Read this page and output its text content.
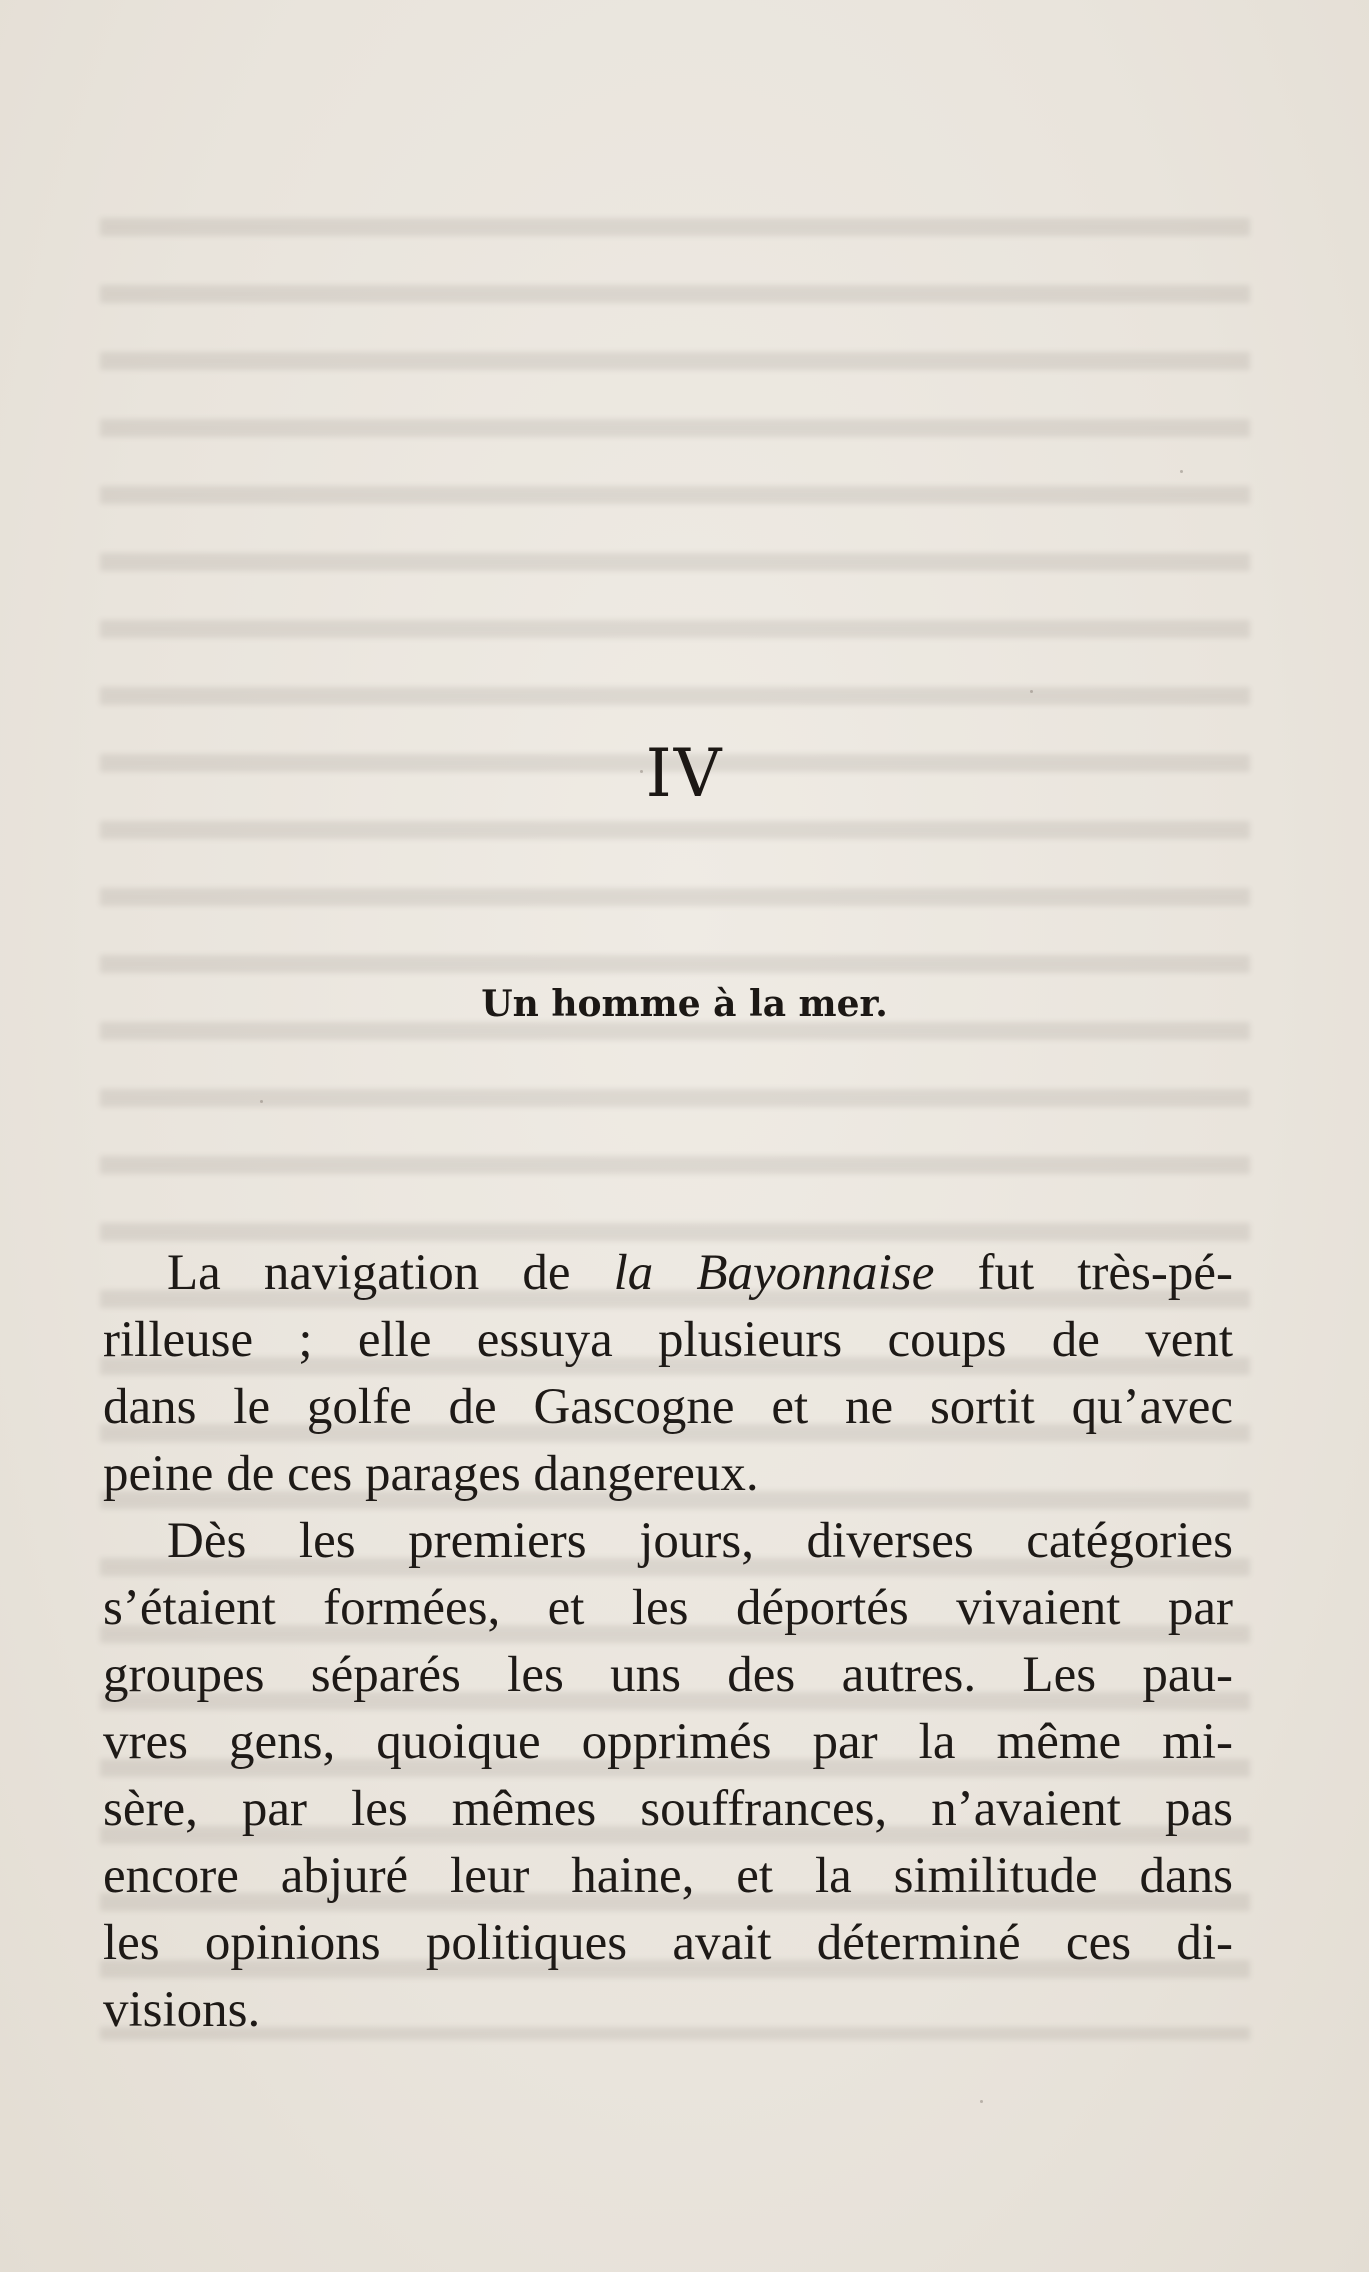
IV
Un homme à la mer.
La navigation de la Bayonnaise fut très-pé-
rilleuse ; elle essuya plusieurs coups de vent
dans le golfe de Gascogne et ne sortit qu’avec
peine de ces parages dangereux.
Dès les premiers jours, diverses catégories
s’étaient formées, et les déportés vivaient par
groupes séparés les uns des autres. Les pau-
vres gens, quoique opprimés par la même mi-
sère, par les mêmes souffrances, n’avaient pas
encore abjuré leur haine, et la similitude dans
les opinions politiques avait déterminé ces di-
visions.
